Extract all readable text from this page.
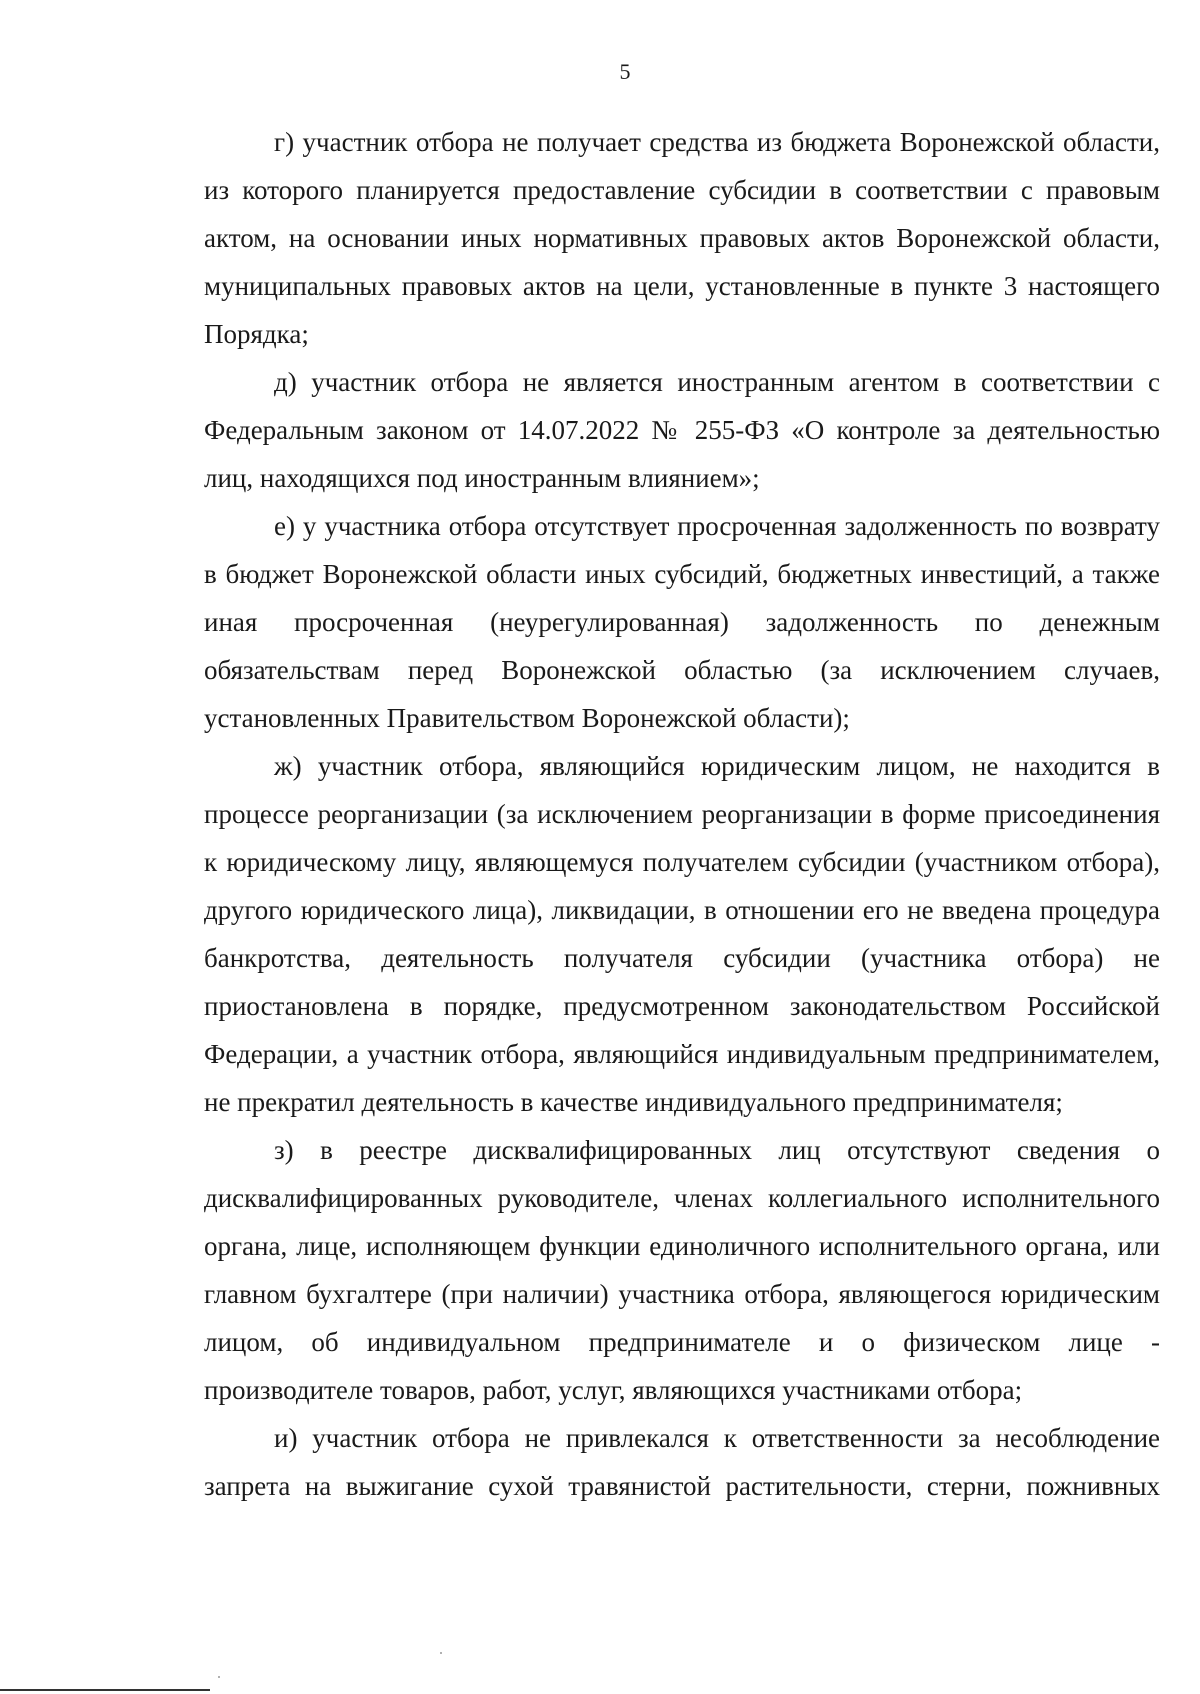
5

г) участник отбора не получает средства из бюджета Воронежской области, из которого планируется предоставление субсидии в соответствии с правовым актом, на основании иных нормативных правовых актов Воронежской области, муниципальных правовых актов на цели, установленные в пункте 3 настоящего Порядка;

д) участник отбора не является иностранным агентом в соответствии с Федеральным законом от 14.07.2022 № 255-ФЗ «О контроле за деятельностью лиц, находящихся под иностранным влиянием»;

е) у участника отбора отсутствует просроченная задолженность по возврату в бюджет Воронежской области иных субсидий, бюджетных инвестиций, а также иная просроченная (неурегулированная) задолженность по денежным обязательствам перед Воронежской областью (за исключением случаев, установленных Правительством Воронежской области);

ж) участник отбора, являющийся юридическим лицом, не находится в процессе реорганизации (за исключением реорганизации в форме присоединения к юридическому лицу, являющемуся получателем субсидии (участником отбора), другого юридического лица), ликвидации, в отношении его не введена процедура банкротства, деятельность получателя субсидии (участника отбора) не приостановлена в порядке, предусмотренном законодательством Российской Федерации, а участник отбора, являющийся индивидуальным предпринимателем, не прекратил деятельность в качестве индивидуального предпринимателя;

з) в реестре дисквалифицированных лиц отсутствуют сведения о дисквалифицированных руководителе, членах коллегиального исполнительного органа, лице, исполняющем функции единоличного исполнительного органа, или главном бухгалтере (при наличии) участника отбора, являющегося юридическим лицом, об индивидуальном предпринимателе и о физическом лице - производителе товаров, работ, услуг, являющихся участниками отбора;

и) участник отбора не привлекался к ответственности за несоблюдение запрета на выжигание сухой травянистой растительности, стерни, пожнивных
